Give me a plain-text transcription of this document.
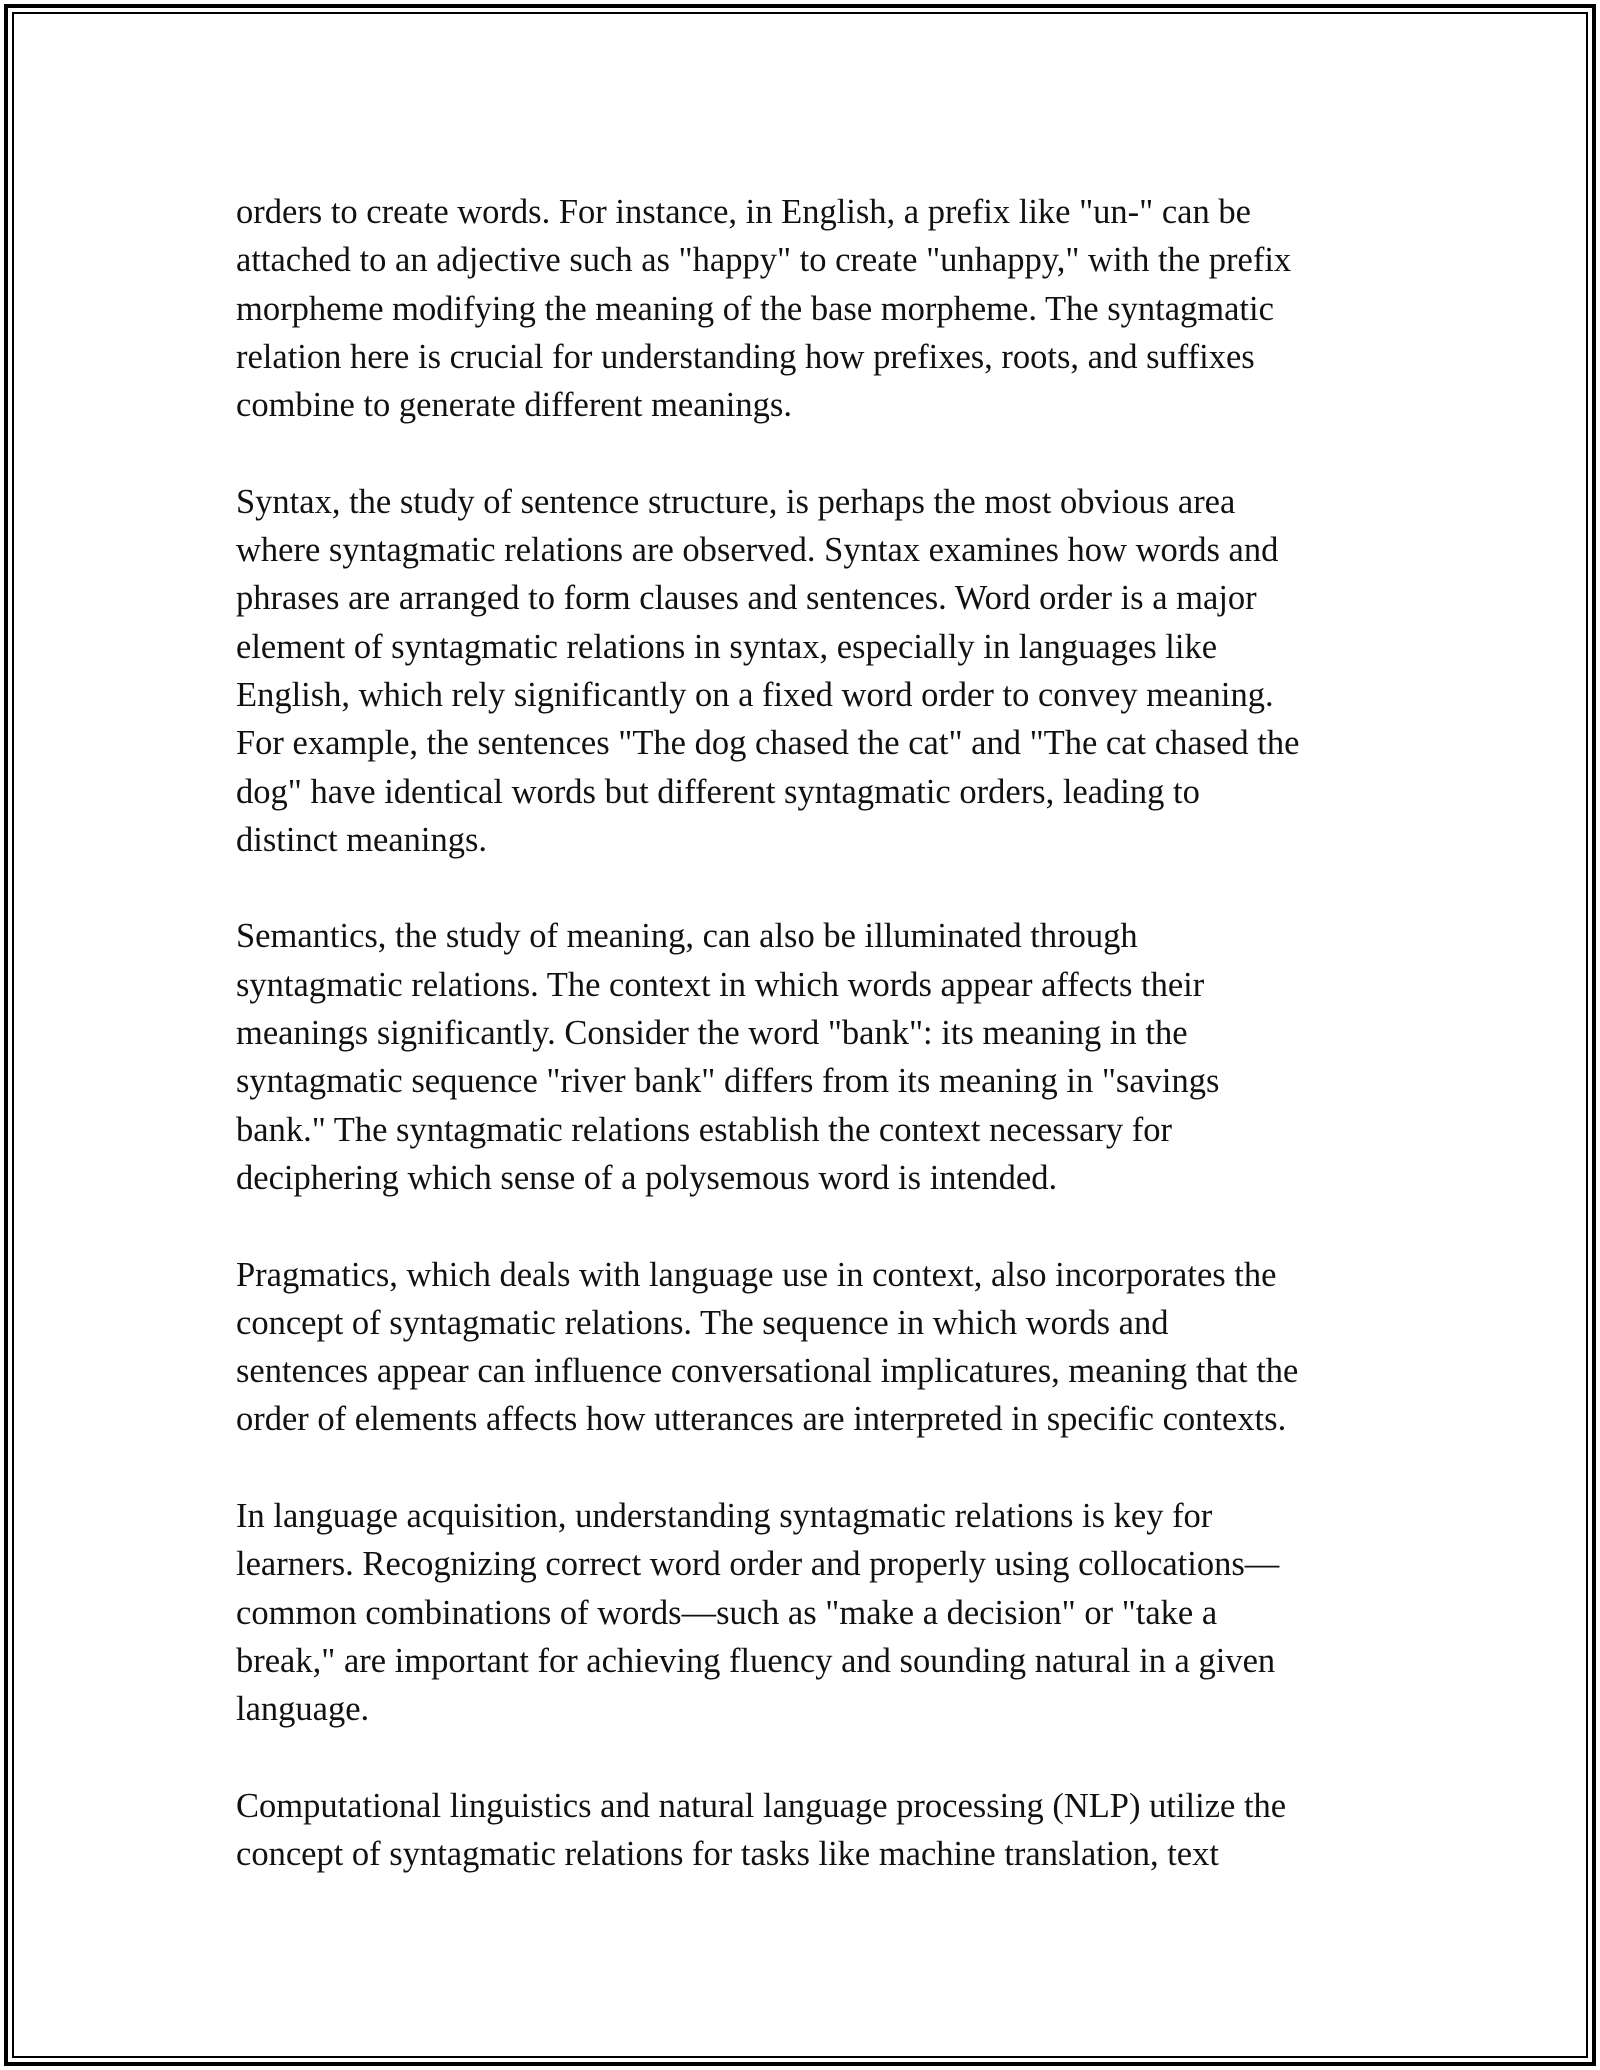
orders to create words. For instance, in English, a prefix like "un-" can be
attached to an adjective such as "happy" to create "unhappy," with the prefix
morpheme modifying the meaning of the base morpheme. The syntagmatic
relation here is crucial for understanding how prefixes, roots, and suffixes
combine to generate different meanings.

Syntax, the study of sentence structure, is perhaps the most obvious area
where syntagmatic relations are observed. Syntax examines how words and
phrases are arranged to form clauses and sentences. Word order is a major
element of syntagmatic relations in syntax, especially in languages like
English, which rely significantly on a fixed word order to convey meaning.
For example, the sentences "The dog chased the cat" and "The cat chased the
dog" have identical words but different syntagmatic orders, leading to
distinct meanings.

Semantics, the study of meaning, can also be illuminated through
syntagmatic relations. The context in which words appear affects their
meanings significantly. Consider the word "bank": its meaning in the
syntagmatic sequence "river bank" differs from its meaning in "savings
bank." The syntagmatic relations establish the context necessary for
deciphering which sense of a polysemous word is intended.

Pragmatics, which deals with language use in context, also incorporates the
concept of syntagmatic relations. The sequence in which words and
sentences appear can influence conversational implicatures, meaning that the
order of elements affects how utterances are interpreted in specific contexts.

In language acquisition, understanding syntagmatic relations is key for
learners. Recognizing correct word order and properly using collocations—
common combinations of words—such as "make a decision" or "take a
break," are important for achieving fluency and sounding natural in a given
language.

Computational linguistics and natural language processing (NLP) utilize the
concept of syntagmatic relations for tasks like machine translation, text
